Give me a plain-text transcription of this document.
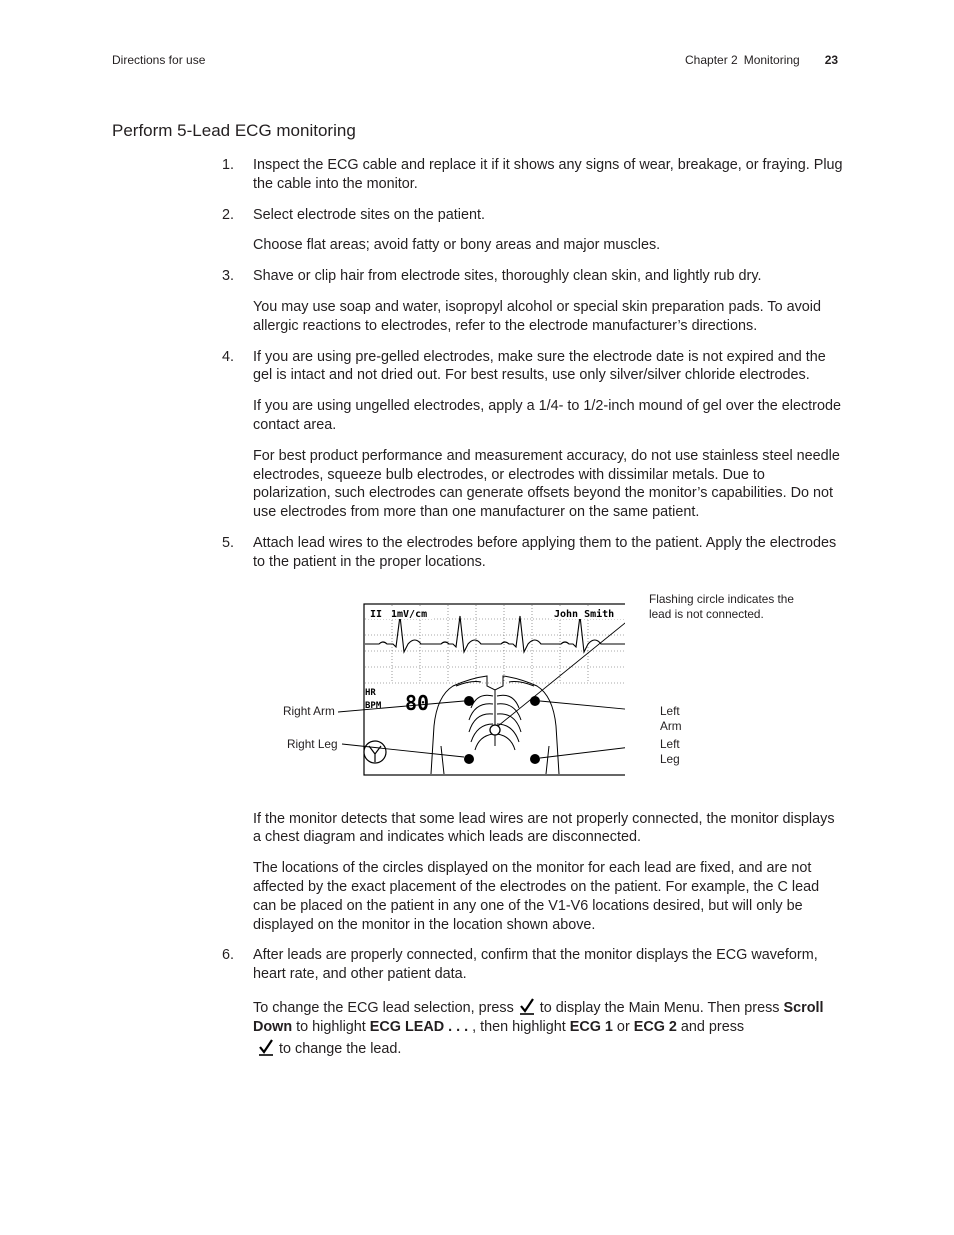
Directions for use	Chapter 2 Monitoring 23
Perform 5-Lead ECG monitoring
1. Inspect the ECG cable and replace it if it shows any signs of wear, breakage, or fraying. Plug the cable into the monitor.

2. Select electrode sites on the patient.

Choose flat areas; avoid fatty or bony areas and major muscles.

3. Shave or clip hair from electrode sites, thoroughly clean skin, and lightly rub dry.

You may use soap and water, isopropyl alcohol or special skin preparation pads. To avoid allergic reactions to electrodes, refer to the electrode manufacturer’s directions.

4. If you are using pre-gelled electrodes, make sure the electrode date is not expired and the gel is intact and not dried out. For best results, use only silver/silver chloride electrodes.

If you are using ungelled electrodes, apply a 1/4- to 1/2-inch mound of gel over the electrode contact area.

For best product performance and measurement accuracy, do not use stainless steel needle electrodes, squeeze bulb electrodes, or electrodes with dissimilar metals. Due to polarization, such electrodes can generate offsets beyond the monitor’s capabilities. Do not use electrodes from more than one manufacturer on the same patient.

5. Attach lead wires to the electrodes before applying them to the patient. Apply the electrodes to the patient in the proper locations.

II 1mV/cm	John Smith
HR
BPM 80
Flashing circle indicates the lead is not connected.
Right Arm
Right Leg
Left Arm
Left Leg

If the monitor detects that some lead wires are not properly connected, the monitor displays a chest diagram and indicates which leads are disconnected.

The locations of the circles displayed on the monitor for each lead are fixed, and are not affected by the exact placement of the electrodes on the patient. For example, the C lead can be placed on the patient in any one of the V1-V6 locations desired, but will only be displayed on the monitor in the location shown above.

6. After leads are properly connected, confirm that the monitor displays the ECG waveform, heart rate, and other patient data.

To change the ECG lead selection, press  to display the Main Menu. Then press Scroll Down to highlight ECG LEAD . . . , then highlight ECG 1 or ECG 2 and press
to change the lead.
